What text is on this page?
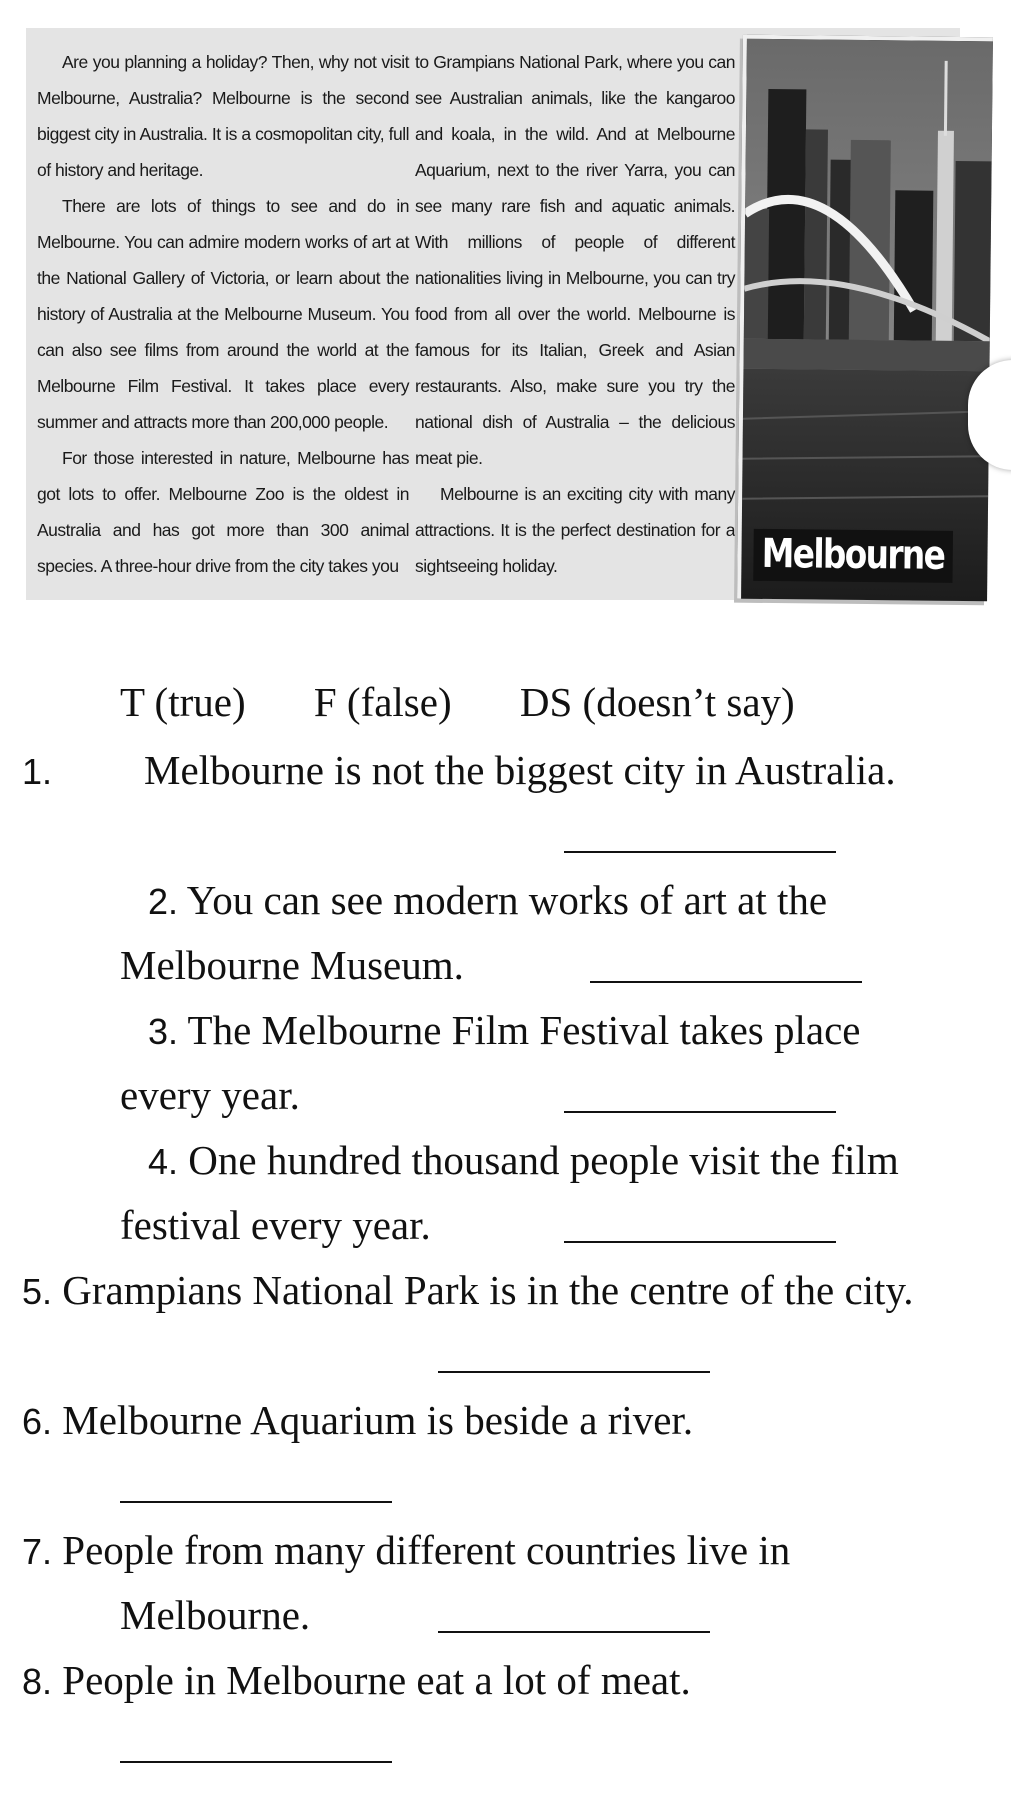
Are you planning a holiday? Then, why not visit Melbourne, Australia? Melbourne is the second biggest city in Australia. It is a cosmopolitan city, full of history and heritage.

There are lots of things to see and do in Melbourne. You can admire modern works of art at the National Gallery of Victoria, or learn about the history of Australia at the Melbourne Museum. You can also see films from around the world at the Melbourne Film Festival. It takes place every summer and attracts more than 200,000 people.

For those interested in nature, Melbourne has got lots to offer. Melbourne Zoo is the oldest in Australia and has got more than 300 animal species. A three-hour drive from the city takes you

to Grampians National Park, where you can see Australian animals, like the kangaroo and koala, in the wild. And at Melbourne Aquarium, next to the river Yarra, you can see many rare fish and aquatic animals. With millions of people of different nationalities living in Melbourne, you can try food from all over the world. Melbourne is famous for its Italian, Greek and Asian restaurants. Also, make sure you try the national dish of Australia – the delicious meat pie.

Melbourne is an exciting city with many attractions. It is the perfect destination for a sightseeing holiday.	Melbourne
T (true) F (false) DS (doesn’t say)
1. Melbourne is not the biggest city in Australia.
2. You can see modern works of art at the
Melbourne Museum.
3. The Melbourne Film Festival takes place
every year.
4. One hundred thousand people visit the film
festival every year.
5. Grampians National Park is in the centre of the city.
6. Melbourne Aquarium is beside a river.
7. People from many different countries live in
Melbourne.
8. People in Melbourne eat a lot of meat.
